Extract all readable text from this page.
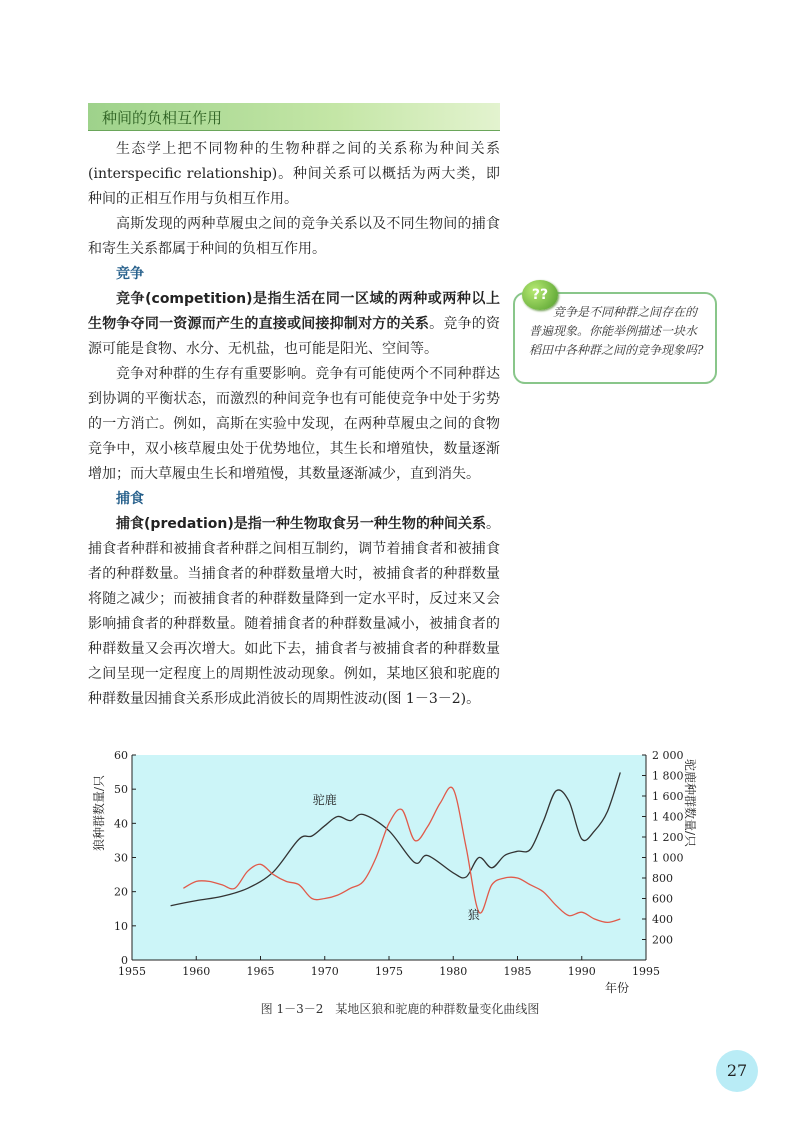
种间的负相互作用

生态学上把不同物种的生物种群之间的关系称为种间关系(interspecific relationship)。种间关系可以概括为两大类，即种间的正相互作用与负相互作用。

高斯发现的两种草履虫之间的竞争关系以及不同生物间的捕食和寄生关系都属于种间的负相互作用。

竞争

竞争(competition)是指生活在同一区域的两种或两种以上生物争夺同一资源而产生的直接或间接抑制对方的关系。竞争的资源可能是食物、水分、无机盐，也可能是阳光、空间等。

竞争对种群的生存有重要影响。竞争有可能使两个不同种群达到协调的平衡状态，而激烈的种间竞争也有可能使竞争中处于劣势的一方消亡。例如，高斯在实验中发现，在两种草履虫之间的食物竞争中，双小核草履虫处于优势地位，其生长和增殖快，数量逐渐增加；而大草履虫生长和增殖慢，其数量逐渐减少，直到消失。

捕食

捕食(predation)是指一种生物取食另一种生物的种间关系。捕食者种群和被捕食者种群之间相互制约，调节着捕食者和被捕食者的种群数量。当捕食者的种群数量增大时，被捕食者的种群数量将随之减少；而被捕食者的种群数量降到一定水平时，反过来又会影响捕食者的种群数量。随着捕食者的种群数量减小，被捕食者的种群数量又会再次增大。如此下去，捕食者与被捕食者的种群数量之间呈现一定程度上的周期性波动现象。例如，某地区狼和驼鹿的种群数量因捕食关系形成此消彼长的周期性波动(图 1－3－2)。

竞争是不同种群之间存在的普遍现象。你能举例描述一块水稻田中各种群之间的竞争现象吗?

??
1955	1960	1965	1970	1975	1980	1985	1990	1995
0
10
20
30
40
50
60
200
400
600
800
1 000
1 200
1 400
1 600
1 800
2 000
驼鹿
狼
年份
狼种群数量/只	驼鹿种群数量/只
图 1－3－2　某地区狼和驼鹿的种群数量变化曲线图
27
